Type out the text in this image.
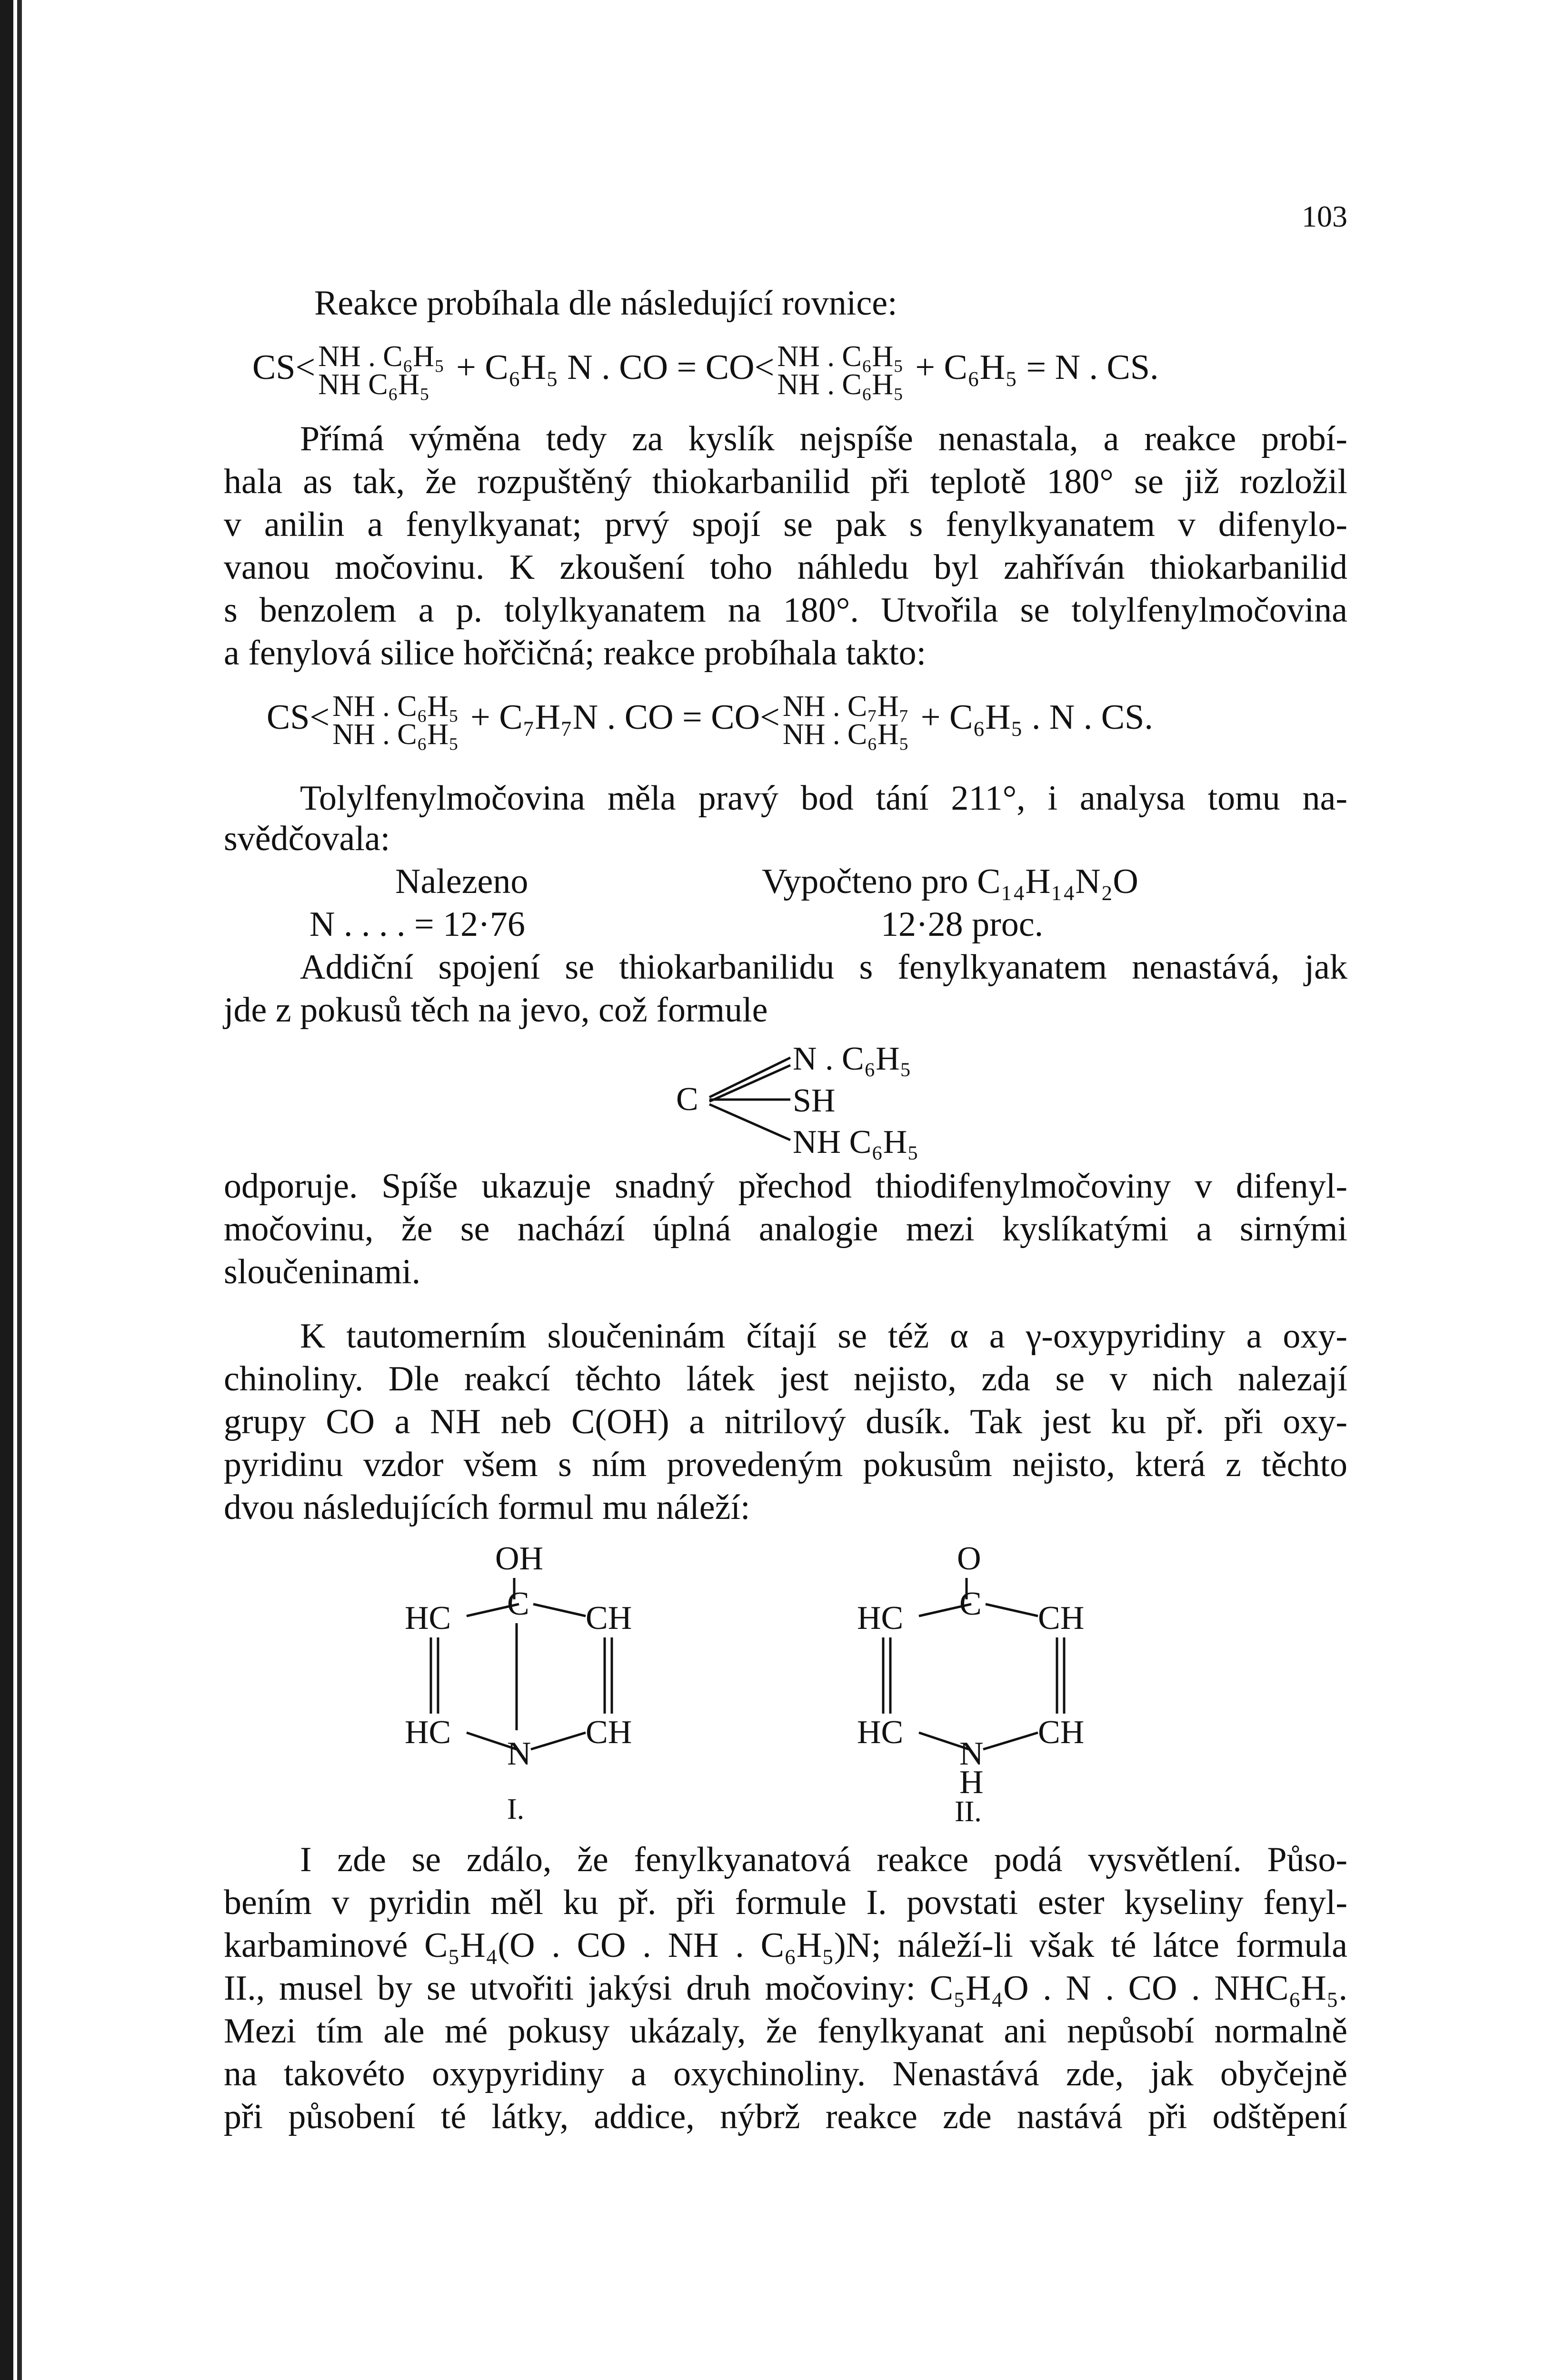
103
Reakce probíhala dle následující rovnice:
CS< NH . C₆H₅
NH C₆H₅ + C₆H₅ N . CO = CO< NH . C₆H₅
NH . C₆H₅ + C₆H₅ = N . CS.
Přímá výměna tedy za kyslík nejspíše nenastala, a reakce probí-
hala as tak, že rozpuštěný thiokarbanilid při teplotě 180° se již rozložil
v anilin a fenylkyanat; prvý spojí se pak s fenylkyanatem v difenylo-
vanou močovinu. K zkoušení toho náhledu byl zahříván thiokarbanilid
s benzolem a p. tolylkyanatem na 180°. Utvořila se tolylfenylmočovina
a fenylová silice hořčičná; reakce probíhala takto:
CS< NH . C₆H₅
NH . C₆H₅ + C₇H₇N . CO = CO< NH . C₇H₇
NH . C₆H₅ + C₆H₅ . N . CS.
Tolylfenylmočovina měla pravý bod tání 211°, i analysa tomu na-
svědčovala:
Nalezeno	Vypočteno pro C₁₄H₁₄N₂O
N . . . . = 12·76	12·28 proc.
Addiční spojení se thiokarbanilidu s fenylkyanatem nenastává, jak
jde z pokusů těch na jevo, což formule
C
N . C₆H₅
SH
NH C₆H₅
odporuje. Spíše ukazuje snadný přechod thiodifenylmočoviny v difenyl-
močovinu, že se nachází úplná analogie mezi kyslíkatými a sirnými
sloučeninami.
K tautomerním sloučeninám čítají se též α a γ-oxypyridiny a oxy-
chinoliny. Dle reakcí těchto látek jest nejisto, zda se v nich nalezají
grupy CO a NH neb C(OH) a nitrilový dusík. Tak jest ku př. při oxy-
pyridinu vzdor všem s ním provedeným pokusům nejisto, která z těchto
dvou následujících formul mu náleží:
OH
C
HC	CH
HC
N
CH
I.
O
C
HC	CH
HC
N
H
CH
II.
I zde se zdálo, že fenylkyanatová reakce podá vysvětlení. Půso-
bením v pyridin měl ku př. při formule I. povstati ester kyseliny fenyl-
karbaminové C₅H₄(O . CO . NH . C₆H₅)N; náleží-li však té látce formula
II., musel by se utvořiti jakýsi druh močoviny: C₅H₄O . N . CO . NHC₆H₅.
Mezi tím ale mé pokusy ukázaly, že fenylkyanat ani nepůsobí normalně
na takovéto oxypyridiny a oxychinoliny. Nenastává zde, jak obyčejně
při působení té látky, addice, nýbrž reakce zde nastává při odštěpení
